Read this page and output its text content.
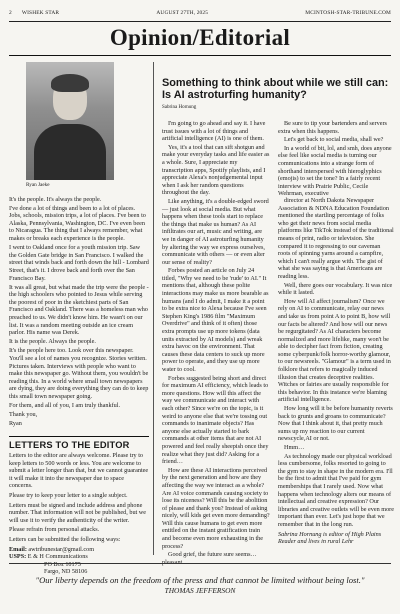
2 WISHEK STAR	AUGUST 27TH, 2025	MCINTOSH-STAR-TRIBUNE.COM
Opinion/Editorial
Ryan Jaeke

It's the people. It's always the people.

I've done a lot of things and been to a lot of places. Jobs, schools, mission trips, a lot of places. I've been to Alaska, Pennsylvania, Washington, DC. I've even been to Nicaragua. The thing that I always remember, what makes or breaks each experience is the people.

I went to Oakland once for a youth mission trip. Saw the Golden Gate bridge in San Francisco. I walked the street that winds back and forth down the hill - Lombard Street, that's it. I drove back and forth over the San Francisco Bay.

It was all great, but what made the trip were the people - the high schoolers who pointed to Jesus while serving the poorest of poor in the sketchiest parts of San Francisco and Oakland. There was a homeless man who preached to us. We didn't know him. He wasn't on our list. It was a random meeting outside an ice cream parlor. His name was Derek.

It is the people. Always the people.

It's the people here too. Look over this newspaper. You'll see a lot of names you recognize. Stories written. Pictures taken. Interviews with people who want to make this newspaper go. Without them, you wouldn't be reading this. In a world where small town newspapers are dying, they are doing everything they can do to keep this small town newspaper going.

For them, and all of you, I am truly thankful.

Thank you,

Ryan

LETTERS TO THE EDITOR

Letters to the editor are always welcome. Please try to keep letters to 500 words or less. You are welcome to submit a letter longer than that, but we cannot guarantee it will make it into the newspaper due to space concerns.

Please try to keep your letter to a single subject.

Letters must be signed and include address and phone number. That information will not be published, but we will use it to verify the authenticity of the writer.

Please refrain from personal attacks.

Letters can be submitted the following ways:

Email: awtribunestar@gmail.com
USPS: E & H Communications
PO Box 10175
Fargo, ND 58106
Something to think about while we still can: Is AI astroturfing humanity?
Sabrina Hornung

I'm going to go ahead and say it. I have trust issues with a lot of things and artificial intelligence (AI) is one of them.

Yes, it's a tool that can sift shotgun and make your everyday tasks and life easier as a whole. Sure, I appreciate my transcription apps, Spotify playlists, and I appreciate Alexa's nonjudgemental input when I ask her random questions throughout the day.

Like anything, it's a double-edged sword — just look at social media. But what happens when these tools start to replace the things that make us human? As AI infiltrates our art, music and writing, are we in danger of AI astroturfing humanity by altering the way we express ourselves, communicate with others — or even alter our sense of reality?

Forbes posted an article on July 24 titled, "Why we need to be 'rude' to AI." It mentions that, although these polite interactions may make us more bearable as humans (and I do admit, I make it a point to be extra nice to Alexa because I've seen Stephen King's 1986 film "Maximum Overdrive" and think of it often) those extra prompts use up more tokens (data units extracted by AI models) and wreak extra havoc on the environment. That causes these data centers to suck up more power to operate, and they use up more water to cool.

Forbes suggested being short and direct for maximum AI efficiency, which leads to more questions. How will this affect the way we communicate and interact with each other? Since we're on the topic, is it weird to anyone else that we're tossing out commands to inanimate objects? Has anyone else actually started to bark commands at other items that are not AI powered and feel really sheepish once they realize what they just did? Asking for a friend…

How are these AI interactions perceived by the next generation and how are they affecting the way we interact as a whole? Are AI voice commands causing society to lose its niceness? Will this be the abolition of please and thank you? Instead of asking nicely, will kids get even more demanding? Will this cause humans to get even more entitled on the instant gratification train and become even more exhausting in the process?

Good grief, the future sure seems…pleasant.

Be sure to tip your bartenders and servers extra when this happens.

Let's get back to social media, shall we?

In a world of bit, lol, and smh, does anyone else feel like social media is turning our communications into a strange form of shorthand interspersed with hieroglyphics (emojis) to set the tone? In a fairly recent interview with Prairie Public, Cecile Wehrman, executive

director at North Dakota Newspaper Association & NDNA Education Foundation mentioned the startling percentage of folks who get their news from social media platforms like TikTok instead of the traditional means of print, radio or television. She compared it to regressing to our caveman roots of spinning yarns around a campfire, which I can't really argue with. The gist of what she was saying is that Americans are reading less.

Well, there goes our vocabulary. It was nice while it lasted.

How will AI affect journalism? Once we rely on AI to communicate, relay our news and take us from point A to point B, how will our facts be altered? And how will our news be regurgitated? As AI characters become normalized and more lifelike, many won't be able to decipher fact from fiction, creating some cyberpunk/folk horror-worthy glamour, to our newsreels. "Glamour" is a term used in folklore that refers to magically induced illusion that creates deceptive realities. Witches or fairies are usually responsible for this behavior. In this instance we're blaming artificial intelligence.

How long will it be before humanity reverts back to grunts and groans to communicate? Now that I think about it, that pretty much sums up my reaction to our current newscycle,AI or not.

Hmm…

As technology made our physical workload less cumbersome, folks resorted to going to the gym to stay in shape in the modern era. I'll be the first to admit that I've paid for gym memberships that I rarely used. Now what happens when technology alters our means of intellectual and creative expression? Our libraries and creative outlets will be even more important than ever. Let's just hope that we remember that in the long run.

Sabrina Hornung is editor of High Plains Reader and lives in rural Lehr

"Our liberty depends on the freedom of the press and that cannot be limited without being lost."
THOMAS JEFFERSON
